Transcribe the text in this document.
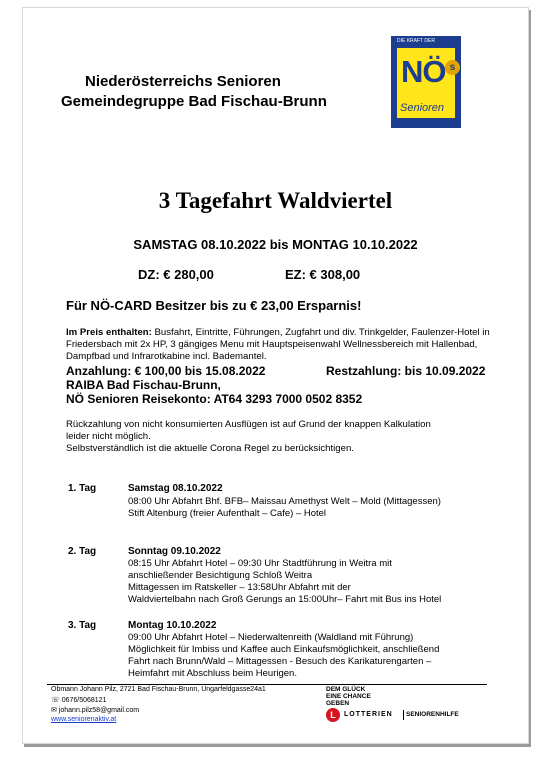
Niederösterreichs Senioren
Gemeindegruppe Bad Fischau-Brunn
DIE KRAFT DER
NÖ s
Senioren
3 Tagefahrt Waldviertel
SAMSTAG 08.10.2022 bis MONTAG 10.10.2022
DZ: € 280,00	EZ: € 308,00
Für NÖ-CARD Besitzer bis zu € 23,00 Ersparnis!
Im Preis enthalten: Busfahrt, Eintritte, Führungen, Zugfahrt und div. Trinkgelder, Faulenzer-Hotel in Friedersbach mit 2x HP, 3 gängiges Menu mit Hauptspeisenwahl Wellnessbereich mit Hallenbad, Dampfbad und Infrarotkabine incl. Bademantel.
Anzahlung: € 100,00 bis 15.08.2022	Restzahlung: bis 10.09.2022
RAIBA Bad Fischau-Brunn,
NÖ Senioren Reisekonto: AT64 3293 7000 0502 8352
Rückzahlung von nicht konsumierten Ausflügen ist auf Grund der knappen Kalkulation
leider nicht möglich.
Selbstverständlich ist die aktuelle Corona Regel zu berücksichtigen.
1. Tag	Samstag 08.10.2022
08:00 Uhr Abfahrt Bhf. BFB– Maissau Amethyst Welt – Mold (Mittagessen)
Stift Altenburg (freier Aufenthalt – Cafe) – Hotel
2. Tag	Sonntag 09.10.2022
08:15 Uhr Abfahrt Hotel – 09:30 Uhr Stadtführung in Weitra mit
anschließender Besichtigung Schloß Weitra
Mittagessen im Ratskeller – 13:58Uhr Abfahrt mit der
Waldviertelbahn nach Groß Gerungs an 15:00Uhr– Fahrt mit Bus ins Hotel
3. Tag	Montag 10.10.2022
09:00 Uhr Abfahrt Hotel – Niederwaltenreith (Waldland mit Führung)
Möglichkeit für Imbiss und Kaffee auch Einkaufsmöglichkeit, anschließend
Fahrt nach Brunn/Wald – Mittagessen - Besuch des Karikaturengarten –
Heimfahrt mit Abschluss beim Heurigen.
Obmann Johann Pilz, 2721 Bad Fischau-Brunn, Ungarfeldgasse24a1
☏ 0676/5068121
✉ johann.pilz58@gmail.com
www.seniorenaktiv.at
DEM GLÜCK
EINE CHANCE
GEBEN
L	LOTTERIEN SENIORENHILFE
